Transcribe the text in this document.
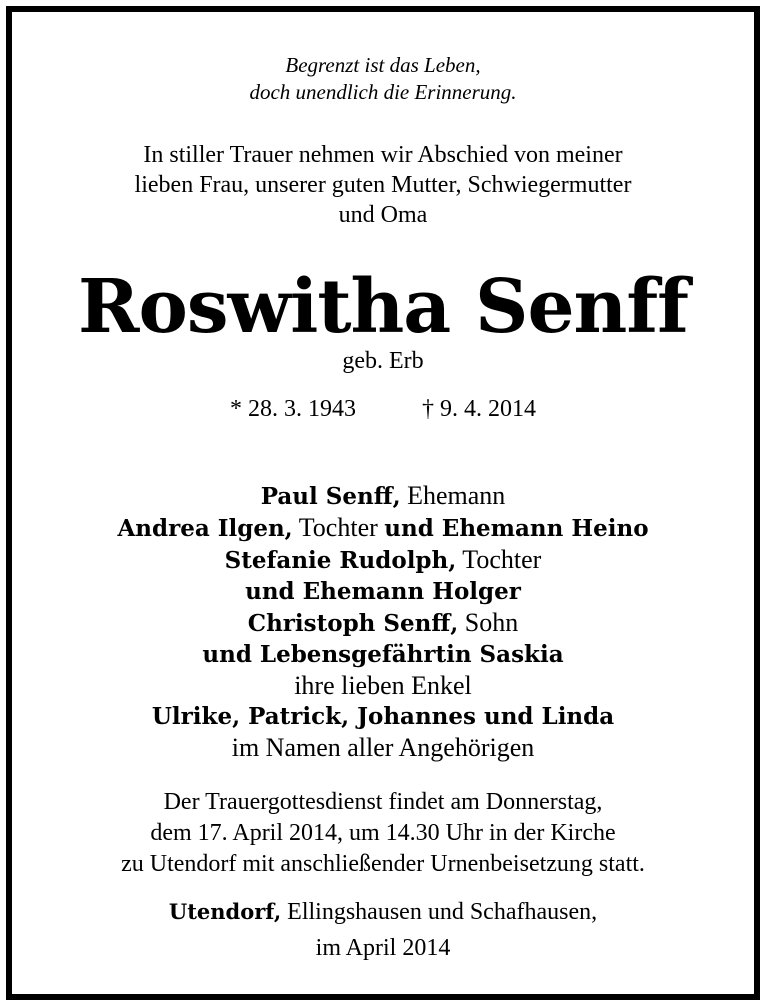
Begrenzt ist das Leben,
doch unendlich die Erinnerung.
In stiller Trauer nehmen wir Abschied von meiner
lieben Frau, unserer guten Mutter, Schwiegermutter
und Oma
Roswitha Senff
geb. Erb
* 28. 3. 1943	† 9. 4. 2014
Paul Senff, Ehemann
Andrea Ilgen, Tochter und Ehemann Heino
Stefanie Rudolph, Tochter
und Ehemann Holger
Christoph Senff, Sohn
und Lebensgefährtin Saskia
ihre lieben Enkel
Ulrike, Patrick, Johannes und Linda
im Namen aller Angehörigen
Der Trauergottesdienst findet am Donnerstag,
dem 17. April 2014, um 14.30 Uhr in der Kirche
zu Utendorf mit anschließender Urnenbeisetzung statt.
Utendorf, Ellingshausen und Schafhausen,
im April 2014
